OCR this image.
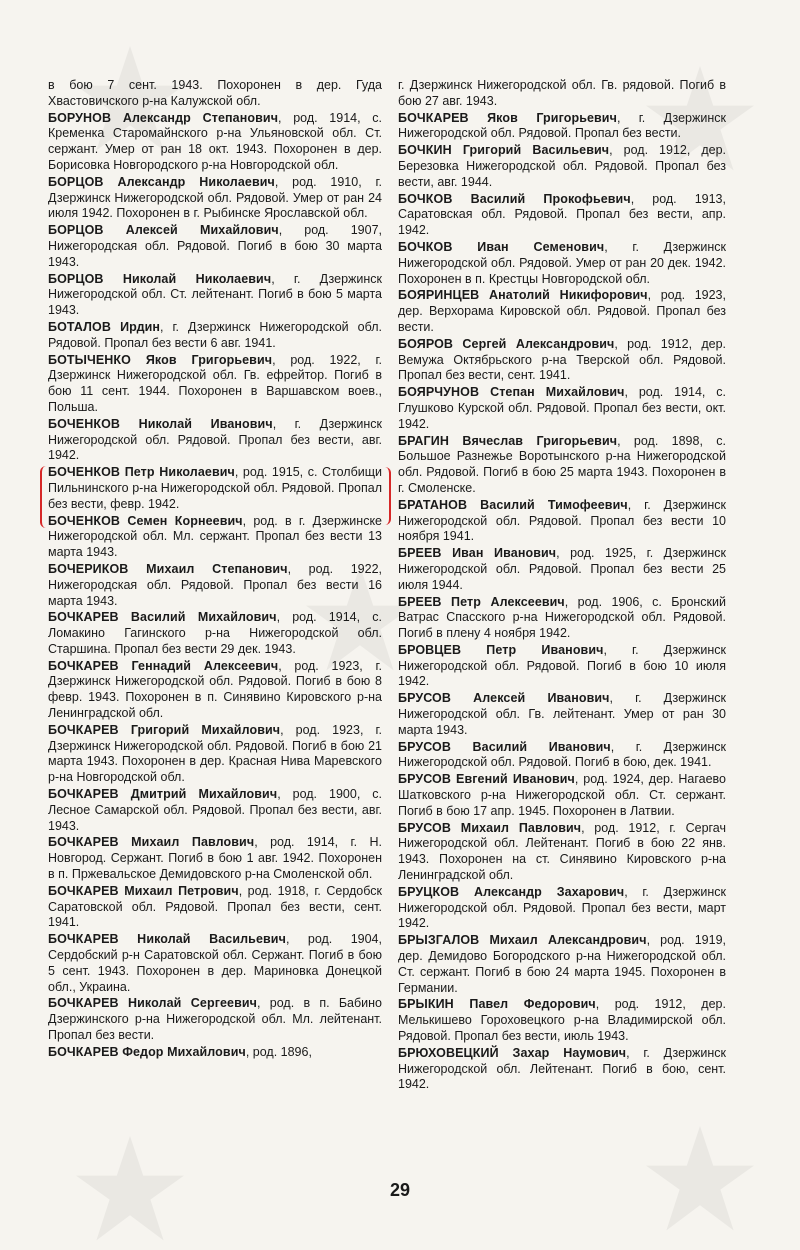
в бою 7 сент. 1943. Похоронен в дер. Гуда Хвастовичского р-на Калужской обл.
БОРУНОВ Александр Степанович, род. 1914, с. Кременка Старомайнского р-на Ульяновской обл. Ст. сержант. Умер от ран 18 окт. 1943. Похоронен в дер. Борисовка Новгородского р-на Новгородской обл.
БОРЦОВ Александр Николаевич, род. 1910, г. Дзержинск Нижегородской обл. Рядовой. Умер от ран 24 июля 1942. Похоронен в г. Рыбинске Ярославской обл.
БОРЦОВ Алексей Михайлович, род. 1907, Нижегородская обл. Рядовой. Погиб в бою 30 марта 1943.
БОРЦОВ Николай Николаевич, г. Дзержинск Нижегородской обл. Ст. лейтенант. Погиб в бою 5 марта 1943.
БОТАЛОВ Ирдин, г. Дзержинск Нижегородской обл. Рядовой. Пропал без вести 6 авг. 1941.
БОТЫЧЕНКО Яков Григорьевич, род. 1922, г. Дзержинск Нижегородской обл. Гв. ефрейтор. Погиб в бою 11 сент. 1944. Похоронен в Варшавском воев., Польша.
БОЧЕНКОВ Николай Иванович, г. Дзержинск Нижегородской обл. Рядовой. Пропал без вести, авг. 1942.
БОЧЕНКОВ Петр Николаевич, род. 1915, с. Столбищи Пильнинского р-на Нижегородской обл. Рядовой. Пропал без вести, февр. 1942.
БОЧЕНКОВ Семен Корнеевич, род. в г. Дзержинске Нижегородской обл. Мл. сержант. Пропал без вести 13 марта 1943.
БОЧЕРИКОВ Михаил Степанович, род. 1922, Нижегородская обл. Рядовой. Пропал без вести 16 марта 1943.
БОЧКАРЕВ Василий Михайлович, род. 1914, с. Ломакино Гагинского р-на Нижегородской обл. Старшина. Пропал без вести 29 дек. 1943.
БОЧКАРЕВ Геннадий Алексеевич, род. 1923, г. Дзержинск Нижегородской обл. Рядовой. Погиб в бою 8 февр. 1943. Похоронен в п. Синявино Кировского р-на Ленинградской обл.
БОЧКАРЕВ Григорий Михайлович, род. 1923, г. Дзержинск Нижегородской обл. Рядовой. Погиб в бою 21 марта 1943. Похоронен в дер. Красная Нива Маревского р-на Новгородской обл.
БОЧКАРЕВ Дмитрий Михайлович, род. 1900, с. Лесное Самарской обл. Рядовой. Пропал без вести, авг. 1943.
БОЧКАРЕВ Михаил Павлович, род. 1914, г. Н. Новгород. Сержант. Погиб в бою 1 авг. 1942. Похоронен в п. Пржевальское Демидовского р-на Смоленской обл.
БОЧКАРЕВ Михаил Петрович, род. 1918, г. Сердобск Саратовской обл. Рядовой. Пропал без вести, сент. 1941.
БОЧКАРЕВ Николай Васильевич, род. 1904, Сердобский р-н Саратовской обл. Сержант. Погиб в бою 5 сент. 1943. Похоронен в дер. Мариновка Донецкой обл., Украина.
БОЧКАРЕВ Николай Сергеевич, род. в п. Бабино Дзержинского р-на Нижегородской обл. Мл. лейтенант. Пропал без вести.
БОЧКАРЕВ Федор Михайлович, род. 1896,
г. Дзержинск Нижегородской обл. Гв. рядовой. Погиб в бою 27 авг. 1943.
БОЧКАРЕВ Яков Григорьевич, г. Дзержинск Нижегородской обл. Рядовой. Пропал без вести.
БОЧКИН Григорий Васильевич, род. 1912, дер. Березовка Нижегородской обл. Рядовой. Пропал без вести, авг. 1944.
БОЧКОВ Василий Прокофьевич, род. 1913, Саратовская обл. Рядовой. Пропал без вести, апр. 1942.
БОЧКОВ Иван Семенович, г. Дзержинск Нижегородской обл. Рядовой. Умер от ран 20 дек. 1942. Похоронен в п. Крестцы Новгородской обл.
БОЯРИНЦЕВ Анатолий Никифорович, род. 1923, дер. Верхорама Кировской обл. Рядовой. Пропал без вести.
БОЯРОВ Сергей Александрович, род. 1912, дер. Вемужа Октябрьского р-на Тверской обл. Рядовой. Пропал без вести, сент. 1941.
БОЯРЧУНОВ Степан Михайлович, род. 1914, с. Глушково Курской обл. Рядовой. Пропал без вести, окт. 1942.
БРАГИН Вячеслав Григорьевич, род. 1898, с. Большое Разнежье Воротынского р-на Нижегородской обл. Рядовой. Погиб в бою 25 марта 1943. Похоронен в г. Смоленске.
БРАТАНОВ Василий Тимофеевич, г. Дзержинск Нижегородской обл. Рядовой. Пропал без вести 10 ноября 1941.
БРЕЕВ Иван Иванович, род. 1925, г. Дзержинск Нижегородской обл. Рядовой. Пропал без вести 25 июля 1944.
БРЕЕВ Петр Алексеевич, род. 1906, с. Бронский Ватрас Спасского р-на Нижегородской обл. Рядовой. Погиб в плену 4 ноября 1942.
БРОВЦЕВ Петр Иванович, г. Дзержинск Нижегородской обл. Рядовой. Погиб в бою 10 июля 1942.
БРУСОВ Алексей Иванович, г. Дзержинск Нижегородской обл. Гв. лейтенант. Умер от ран 30 марта 1943.
БРУСОВ Василий Иванович, г. Дзержинск Нижегородской обл. Рядовой. Погиб в бою, дек. 1941.
БРУСОВ Евгений Иванович, род. 1924, дер. Нагаево Шатковского р-на Нижегородской обл. Ст. сержант. Погиб в бою 17 апр. 1945. Похоронен в Латвии.
БРУСОВ Михаил Павлович, род. 1912, г. Сергач Нижегородской обл. Лейтенант. Погиб в бою 22 янв. 1943. Похоронен на ст. Синявино Кировского р-на Ленинградской обл.
БРУЦКОВ Александр Захарович, г. Дзержинск Нижегородской обл. Рядовой. Пропал без вести, март 1942.
БРЫЗГАЛОВ Михаил Александрович, род. 1919, дер. Демидово Богородского р-на Нижегородской обл. Ст. сержант. Погиб в бою 24 марта 1945. Похоронен в Германии.
БРЫКИН Павел Федорович, род. 1912, дер. Мелькишево Гороховецкого р-на Владимирской обл. Рядовой. Пропал без вести, июль 1943.
БРЮХОВЕЦКИЙ Захар Наумович, г. Дзержинск Нижегородской обл. Лейтенант. Погиб в бою, сент. 1942.
29
